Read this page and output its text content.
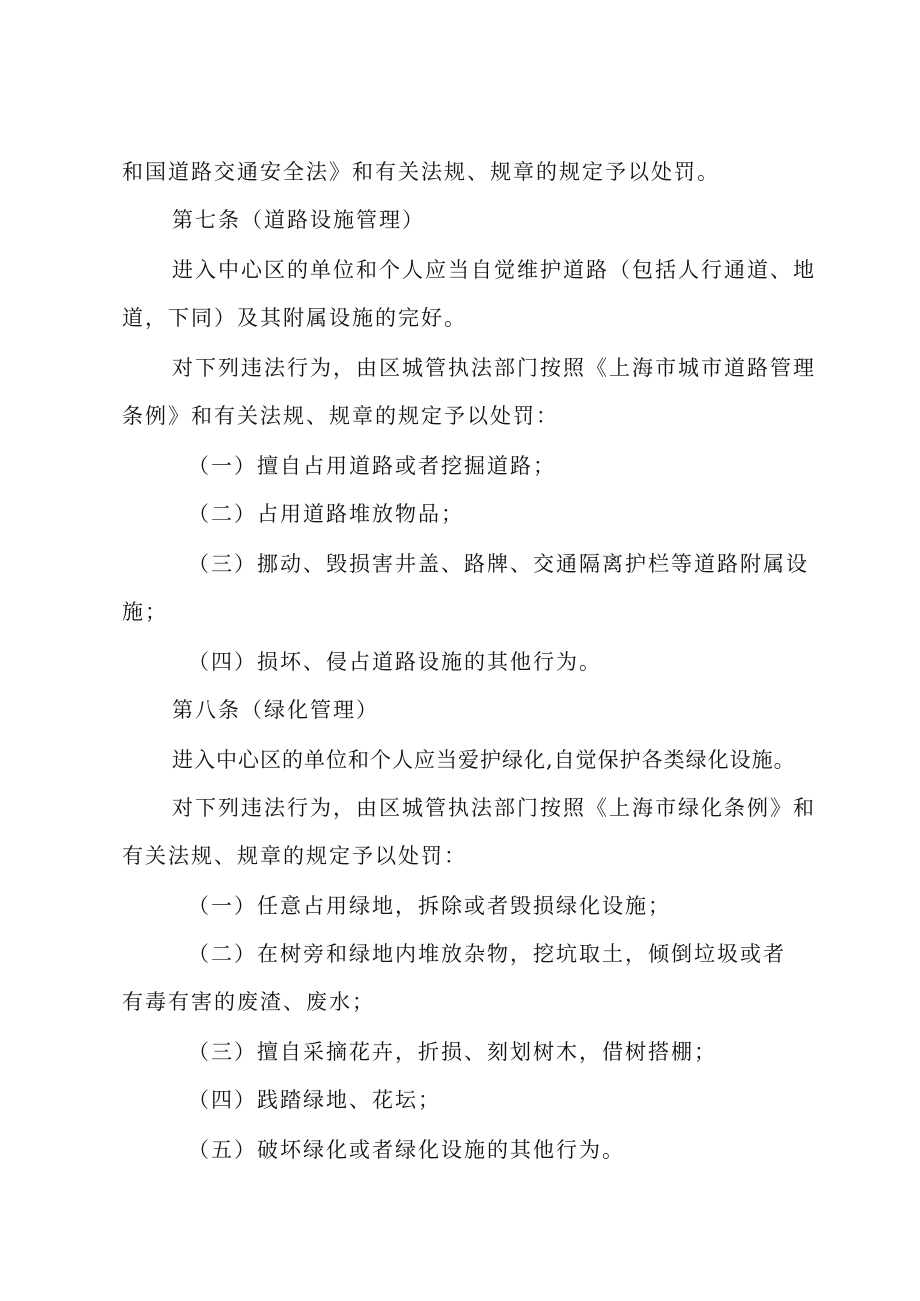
和国道路交通安全法》和有关法规、规章的规定予以处罚。
第七条（道路设施管理）
进入中心区的单位和个人应当自觉维护道路（包括人行通道、地
道，下同）及其附属设施的完好。
对下列违法行为，由区城管执法部门按照《上海市城市道路管理
条例》和有关法规、规章的规定予以处罚：
（一）擅自占用道路或者挖掘道路；
（二）占用道路堆放物品；
（三）挪动、毁损害井盖、路牌、交通隔离护栏等道路附属设
施；
（四）损坏、侵占道路设施的其他行为。
第八条（绿化管理）
进入中心区的单位和个人应当爱护绿化,自觉保护各类绿化设施。
对下列违法行为，由区城管执法部门按照《上海市绿化条例》和
有关法规、规章的规定予以处罚：
（一）任意占用绿地，拆除或者毁损绿化设施；
（二）在树旁和绿地内堆放杂物，挖坑取土，倾倒垃圾或者
有毒有害的废渣、废水；
（三）擅自采摘花卉，折损、刻划树木，借树搭棚；
（四）践踏绿地、花坛；
（五）破坏绿化或者绿化设施的其他行为。
